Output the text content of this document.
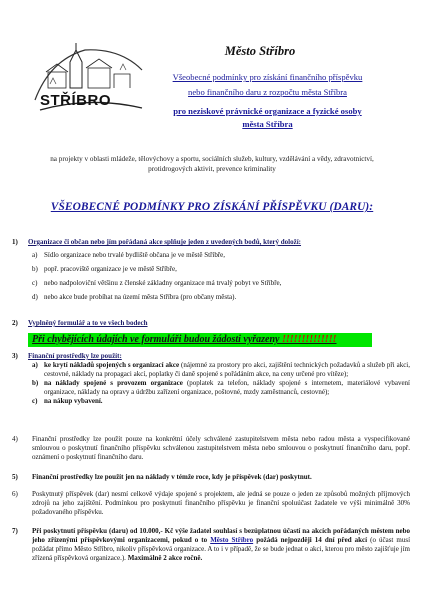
STŘÍBRO
Město Stříbro
Všeobecné podmínky pro získání finančního příspěvku
nebo finančního daru z rozpočtu města Stříbra
pro neziskové právnické organizace a fyzické osoby
města Stříbra
na projekty v oblasti mládeže, tělovýchovy a sportu, sociálních služeb, kultury, vzdělávání a vědy, zdravotnictví, protidrogových aktivit, prevence kriminality
VŠEOBECNÉ PODMÍNKY PRO ZÍSKÁNÍ PŘÍSPĚVKU (DARU):
1) Organizace či občan nebo jím pořádaná akce splňuje jeden z uvedených bodů, který doloží:
a) Sídlo organizace nebo trvalé bydliště občana je ve městě Stříbře,
b) popř. pracoviště organizace je ve městě Stříbře,
c) nebo nadpoloviční většinu z členské základny organizace má trvalý pobyt ve Stříbře,
d) nebo akce bude probíhat na území města Stříbra (pro občany města).
2) Vyplněný formulář a to ve všech bodech
Při chybějících údajích ve formuláři budou žádosti vyřazeny !!!!!!!!!!!!!!
3) Finanční prostředky lze použít:
a) ke krytí nákladů spojených s organizací akce (nájemné za prostory pro akci, zajištění technických požadavků a služeb při akci, cestovné, náklady na propagaci akcí, poplatky či daně spojené s pořádáním akce, na ceny určené pro vítěze);
b) na náklady spojené s provozem organizace (poplatek za telefon, náklady spojené s internetem, materiálové vybavení organizace, náklady na opravy a údržbu zařízení organizace, poštovné, mzdy zaměstnanců, cestovné);
c) na nákup vybavení.
4) Finanční prostředky lze použít pouze na konkrétní účely schválené zastupitelstvem města nebo radou města a vyspecifikované smlouvou o poskytnutí finančního příspěvku schválenou zastupitelstvem města nebo smlouvou o poskytnutí finančního daru, popř. oznámení o poskytnutí finančního daru.
5) Finanční prostředky lze použít jen na náklady v témže roce, kdy je příspěvek (dar) poskytnut.
6) Poskytnutý příspěvek (dar) nesmí celkově výdaje spojené s projektem, ale jedná se pouze o jeden ze způsobů možných příjmových zdrojů na jeho zajištění. Podmínkou pro poskytnutí finančního příspěvku je finanční spoluúčast žadatele ve výši minimálně 30% požadovaného příspěvku.
7) Při poskytnutí příspěvku (daru) od 10.000,- Kč výše žadatel souhlasí s bezúplatnou účastí na akcích pořádaných městem nebo jeho zřízenými příspěvkovými organizacemi, pokud o to Město Stříbro požádá nejpozději 14 dní před akcí (o účast musí požádat přímo Město Stříbro, nikoliv příspěvková organizace. A to i v případě, že se bude jednat o akci, kterou pro město zajišťuje jím zřízená příspěvková organizace.). Maximálně 2 akce ročně.
